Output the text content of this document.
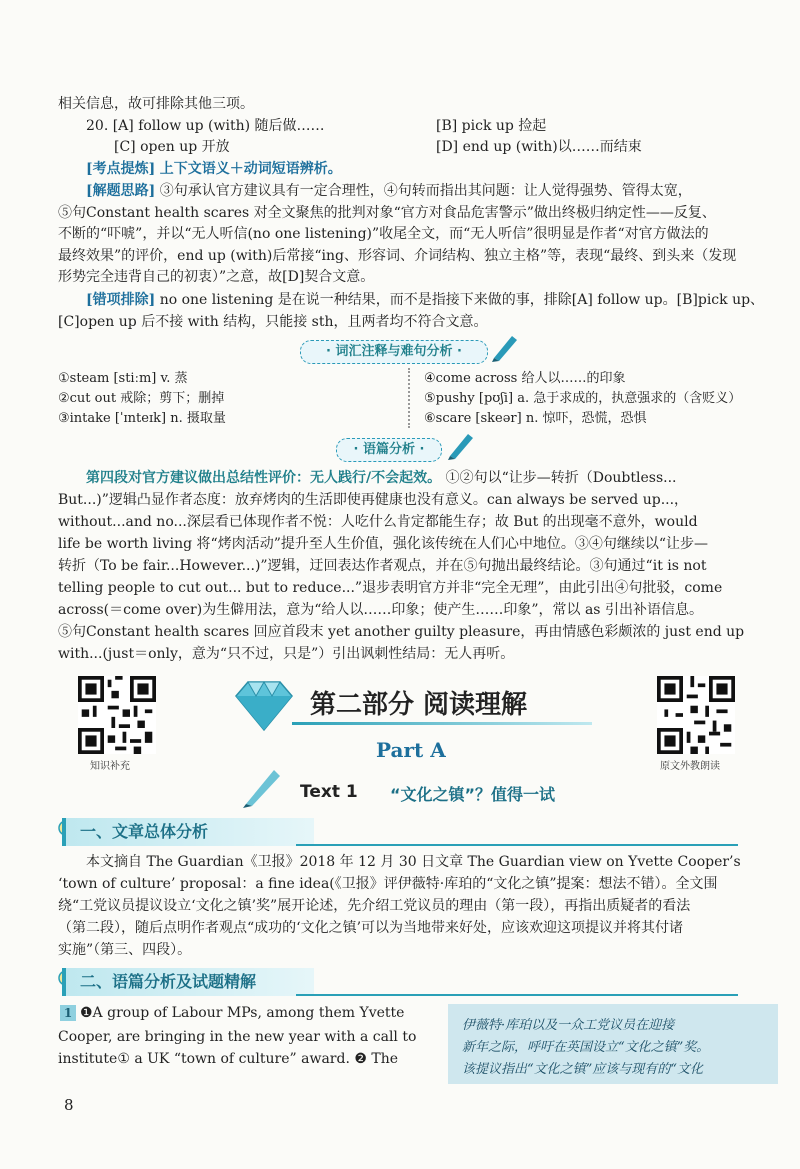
相关信息，故可排除其他三项。
20. [A] follow up (with) 随后做……	[B] pick up 捡起
[C] open up 开放	[D] end up (with)以……而结束
[考点提炼] 上下文语义＋动词短语辨析。
[解题思路] ③句承认官方建议具有一定合理性，④句转而指出其问题：让人觉得强势、管得太宽，
⑤句Constant health scares 对全文聚焦的批判对象“官方对食品危害警示”做出终极归纳定性——反复、
不断的“吓唬”，并以“无人听信(no one listening)”收尾全文，而“无人听信”很明显是作者“对官方做法的
最终效果”的评价，end up (with)后常接“ing、形容词、介词结构、独立主格”等，表现“最终、到头来（发现
形势完全违背自己的初衷）”之意，故[D]契合文意。
[错项排除] no one listening 是在说一种结果，而不是指接下来做的事，排除[A] follow up。[B]pick up、
[C]open up 后不接 with 结构，只能接 sth，且两者均不符合文意。
· 词汇注释与难句分析 ·
①steam [stiːm] v. 蒸
②cut out 戒除；剪下；删掉
③intake [ˈɪnteɪk] n. 摄取量
④come across 给人以……的印象
⑤pushy [pʊʃi] a. 急于求成的，执意强求的（含贬义）
⑥scare [skeər] n. 惊吓，恐慌，恐惧
· 语篇分析 ·
第四段对官方建议做出总结性评价：无人践行/不会起效。 ①②句以“让步—转折（Doubtless...
But...)”逻辑凸显作者态度：放弃烤肉的生活即使再健康也没有意义。can always be served up...，
without...and no...深层看已体现作者不悦：人吃什么肯定都能生存；故 But 的出现毫不意外，would
life be worth living 将“烤肉活动”提升至人生价值，强化该传统在人们心中地位。③④句继续以“让步—
转折（To be fair...However...)”逻辑，迂回表达作者观点，并在⑤句抛出最终结论。③句通过“it is not
telling people to cut out... but to reduce...”退步表明官方并非“完全无理”，由此引出④句批驳，come
across(＝come over)为生僻用法，意为“给人以……印象；使产生……印象”，常以 as 引出补语信息。
⑤句Constant health scares 回应首段末 yet another guilty pleasure，再由情感色彩颇浓的 just end up
with...(just＝only，意为“只不过，只是”）引出讽刺性结局：无人再听。
知识补充
第二部分 阅读理解
Part A
原文外教朗读
Text 1 “文化之镇”？值得一试
一、文章总体分析
本文摘自 The Guardian《卫报》2018 年 12 月 30 日文章 The Guardian view on Yvette Cooper’s
‘town of culture’ proposal：a fine idea(《卫报》评伊薇特·库珀的“文化之镇”提案：想法不错）。全文围
绕“工党议员提议设立‘文化之镇’奖”展开论述，先介绍工党议员的理由（第一段），再指出质疑者的看法
（第二段），随后点明作者观点“成功的‘文化之镇’可以为当地带来好处，应该欢迎这项提议并将其付诸
实施”（第三、四段）。
二、语篇分析及试题精解
1 ❶A group of Labour MPs, among them Yvette
Cooper, are bringing in the new year with a call to
institute① a UK “town of culture” award. ❷ The
伊薇特·库珀以及一众工党议员在迎接
新年之际，呼吁在英国设立“文化之镇”奖。
该提议指出“文化之镇”应该与现有的“文化
8
